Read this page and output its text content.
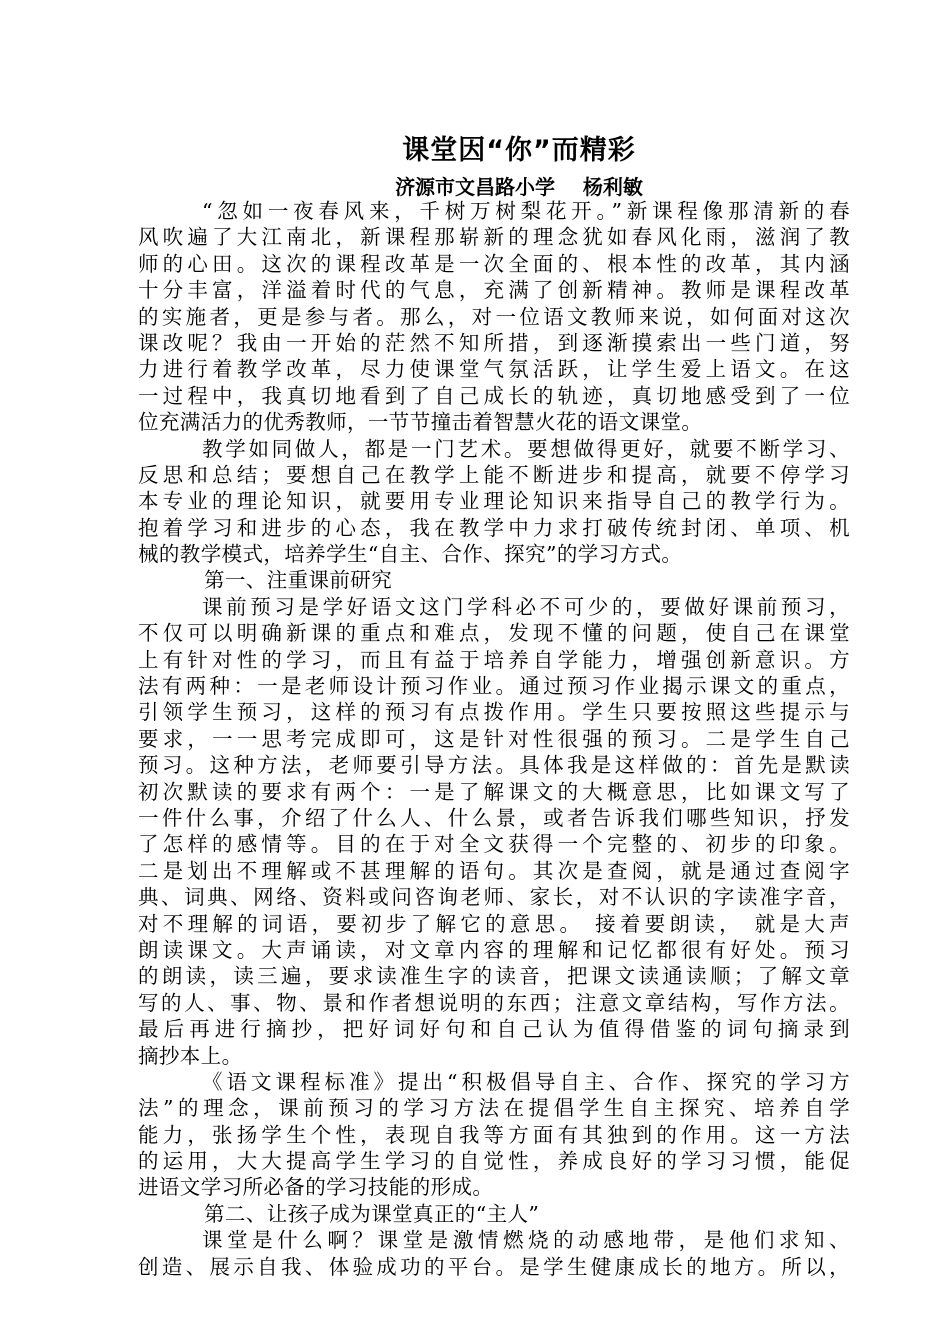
课堂因“你”而精彩
济源市文昌路小学    杨利敏
“忽如一夜春风来，千树万树梨花开。”新课程像那清新的春
风吹遍了大江南北，新课程那崭新的理念犹如春风化雨，滋润了教
师的心田。这次的课程改革是一次全面的、根本性的改革，其内涵
十分丰富，洋溢着时代的气息，充满了创新精神。教师是课程改革
的实施者，更是参与者。那么，对一位语文教师来说，如何面对这次
课改呢？我由一开始的茫然不知所措，到逐渐摸索出一些门道，努
力进行着教学改革，尽力使课堂气氛活跃，让学生爱上语文。在这
一过程中，我真切地看到了自己成长的轨迹，真切地感受到了一位
位充满活力的优秀教师，一节节撞击着智慧火花的语文课堂。
教学如同做人，都是一门艺术。要想做得更好，就要不断学习、
反思和总结；要想自己在教学上能不断进步和提高，就要不停学习
本专业的理论知识，就要用专业理论知识来指导自己的教学行为。
抱着学习和进步的心态，我在教学中力求打破传统封闭、单项、机
械的教学模式，培养学生“自主、合作、探究”的学习方式。
第一、注重课前研究
课前预习是学好语文这门学科必不可少的，要做好课前预习，
不仅可以明确新课的重点和难点，发现不懂的问题，使自己在课堂
上有针对性的学习，而且有益于培养自学能力，增强创新意识。方
法有两种：一是老师设计预习作业。通过预习作业揭示课文的重点，
引领学生预习，这样的预习有点拨作用。学生只要按照这些提示与
要求，一一思考完成即可，这是针对性很强的预习。二是学生自己
预习。这种方法，老师要引导方法。具体我是这样做的：首先是默读
初次默读的要求有两个：一是了解课文的大概意思，比如课文写了
一件什么事，介绍了什么人、什么景，或者告诉我们哪些知识，抒发
了怎样的感情等。目的在于对全文获得一个完整的、初步的印象。
二是划出不理解或不甚理解的语句。其次是查阅，就是通过查阅字
典、词典、网络、资料或问咨询老师、家长，对不认识的字读准字音，
对不理解的词语，要初步了解它的意思。 接着要朗读， 就是大声
朗读课文。大声诵读，对文章内容的理解和记忆都很有好处。预习
的朗读，读三遍，要求读准生字的读音，把课文读通读顺；了解文章
写的人、事、物、景和作者想说明的东西；注意文章结构，写作方法。
最后再进行摘抄，把好词好句和自己认为值得借鉴的词句摘录到
摘抄本上。
《语文课程标准》提出“积极倡导自主、合作、探究的学习方
法”的理念，课前预习的学习方法在提倡学生自主探究、培养自学
能力，张扬学生个性，表现自我等方面有其独到的作用。这一方法
的运用，大大提高学生学习的自觉性，养成良好的学习习惯，能促
进语文学习所必备的学习技能的形成。
第二、让孩子成为课堂真正的“主人”
课堂是什么啊？课堂是激情燃烧的动感地带，是他们求知、
创造、展示自我、体验成功的平台。是学生健康成长的地方。所以，
